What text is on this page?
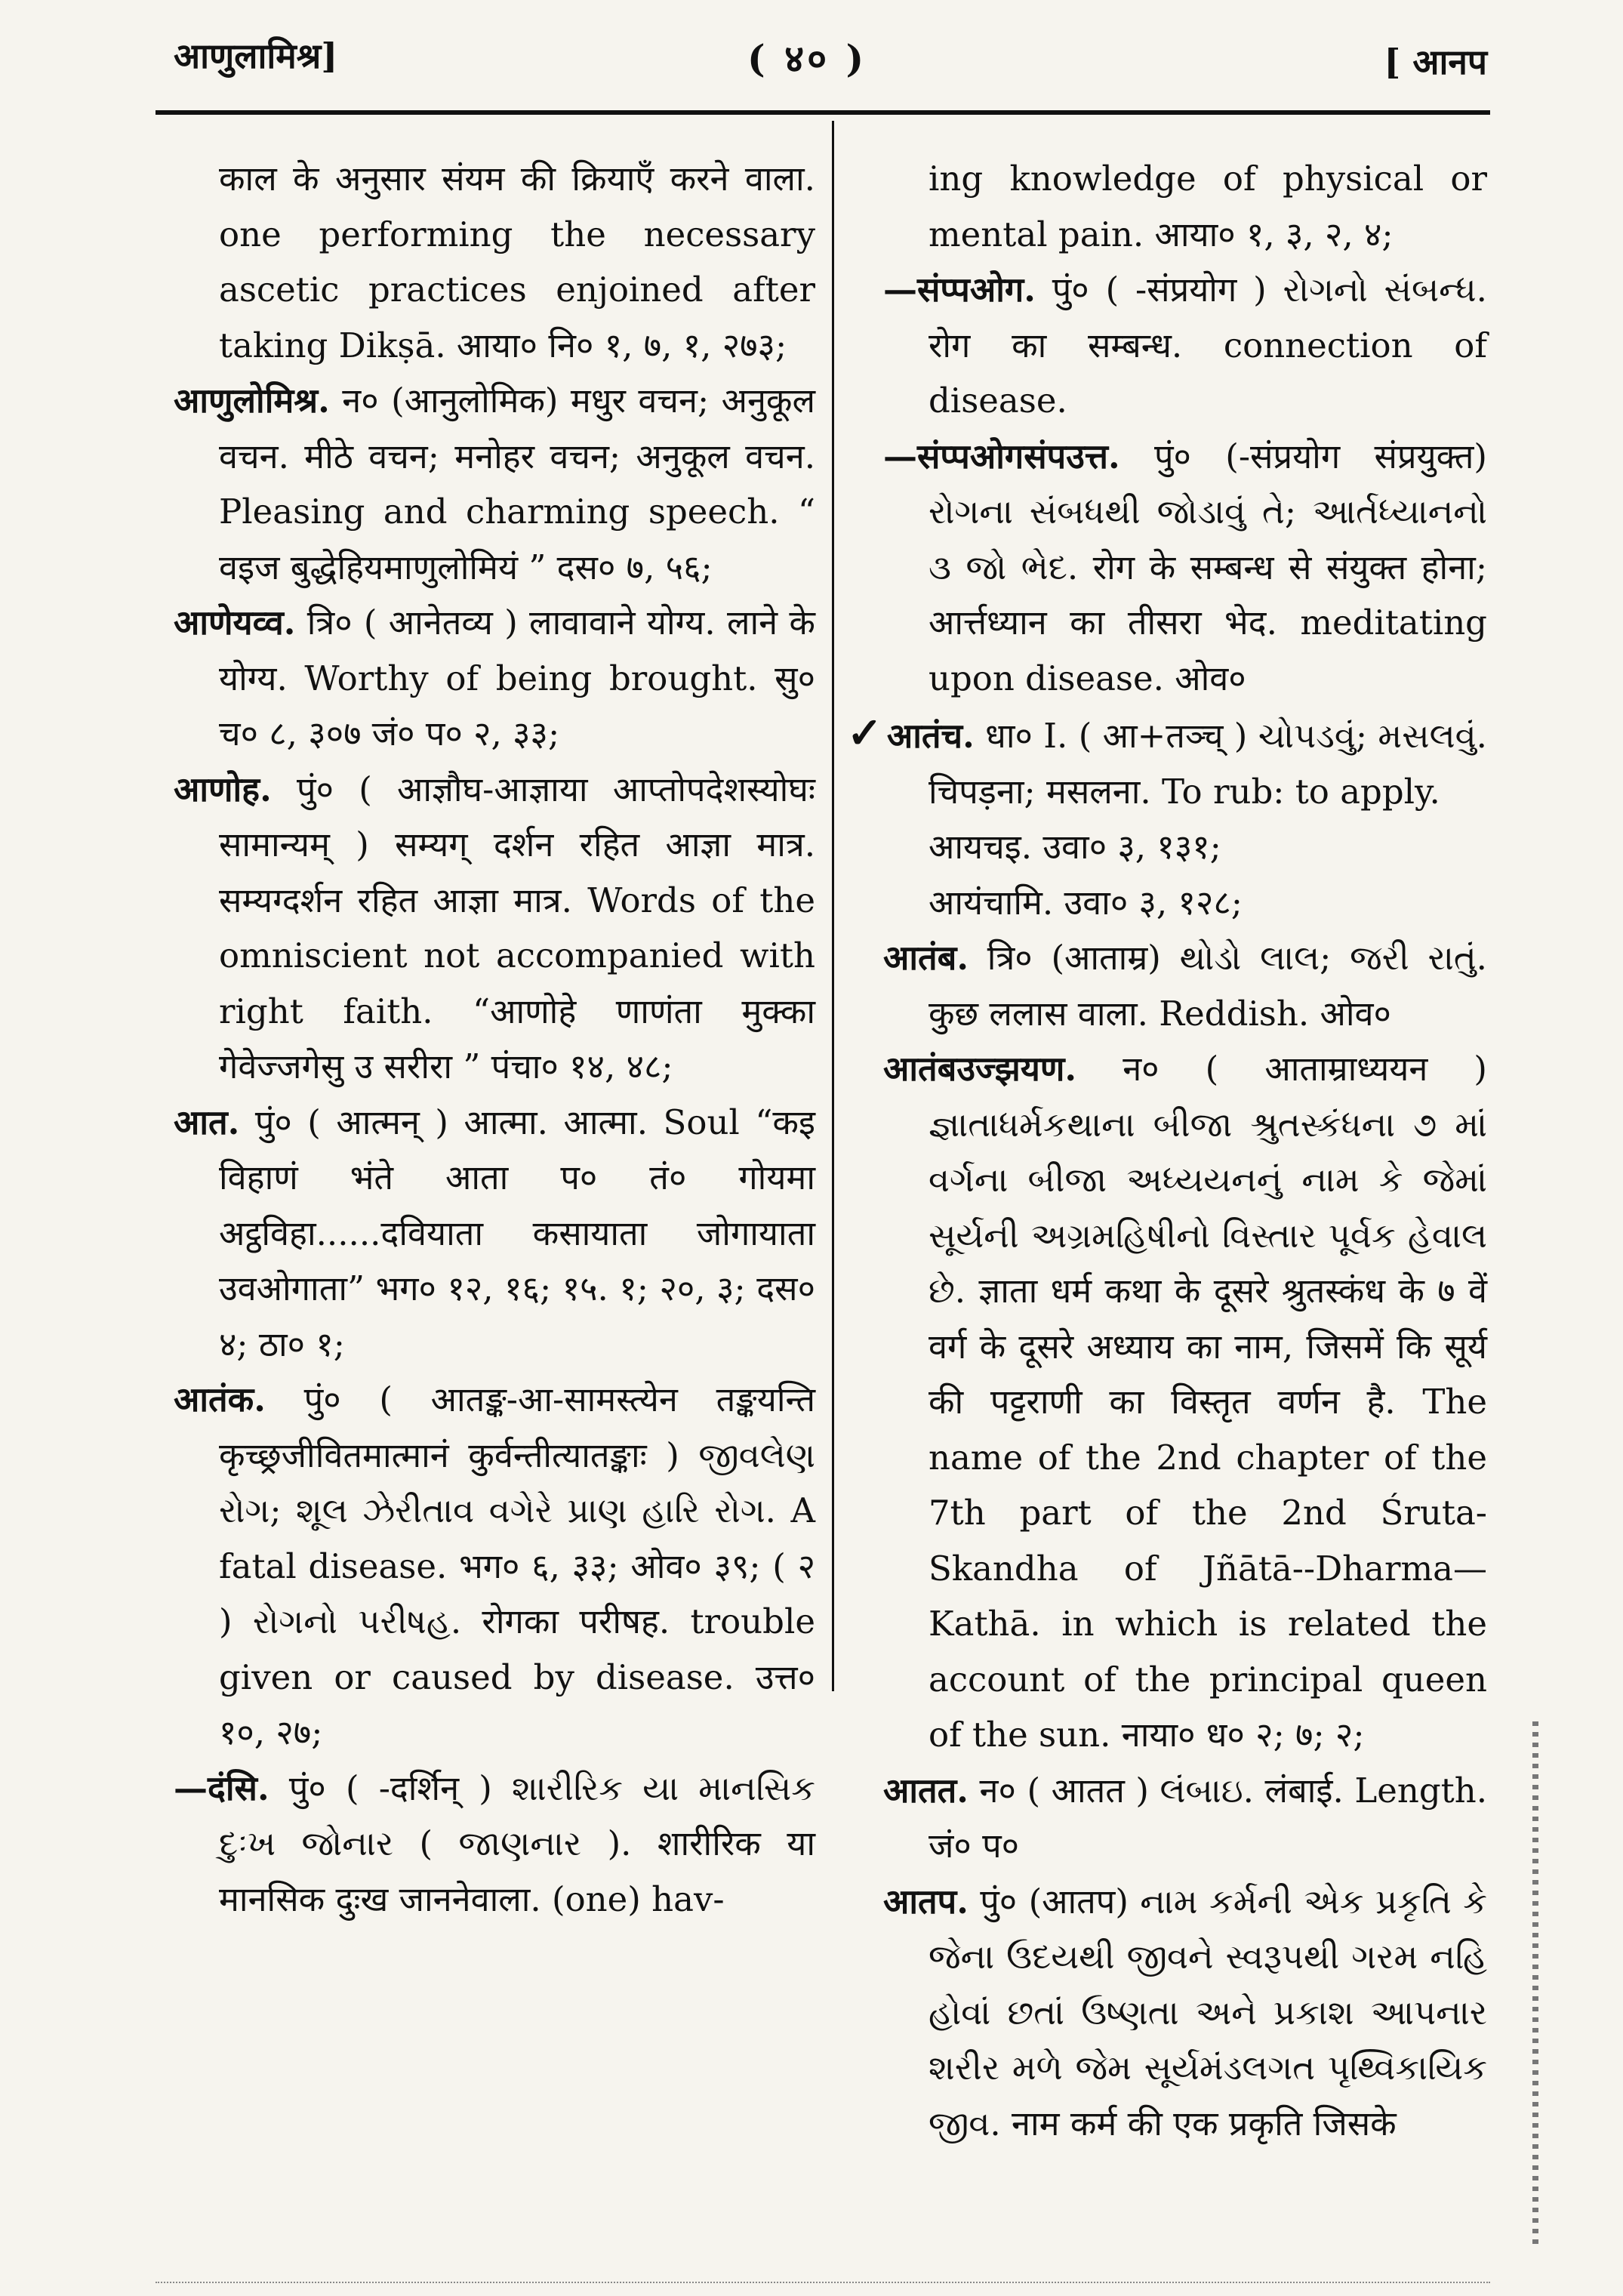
आणुलामिश्र]	( ४० )	[ आनप

काल के अनुसार संयम की क्रियाएँ करने वाला. one performing the necessary ascetic practices enjoined after taking Dikṣā. आया० नि० १, ७, १, २७३;

आणुलोमिश्र. न० (आनुलोमिक) मधुर वचन; अनुकूल वचन. मीठे वचन; मनोहर वचन; अनुकूल वचन. Pleasing and charming speech. “ वइज बुद्धेहियमाणुलोमियं ” दस० ७, ५६;

आणेयव्व. त्रि० ( आनेतव्य ) लावावाने योग्य. लाने के योग्य. Worthy of being brought. सु० च० ८, ३०७ जं० प० २, ३३;

आणोह. पुं० ( आज्ञौघ-आज्ञाया आप्तोपदेशस्योघः सामान्यम् ) सम्यग् दर्शन रहित आज्ञा मात्र. सम्यग्दर्शन रहित आज्ञा मात्र. Words of the omniscient not accompanied with right faith. “आणोहे णाणंता मुक्का गेवेज्जगेसु उ सरीरा ” पंचा० १४, ४८;

आत. पुं० ( आत्मन् ) आत्मा. आत्मा. Soul “कइ विहाणं भंते आता प० तं० गोयमा अट्ठविहा......दवियाता कसायाता जोगायाता उवओगाता” भग० १२, १६; १५. १; २०, ३; दस० ४; ठा० १;

आतंक. पुं० ( आतङ्क-आ-सामस्त्येन तङ्कयन्ति कृच्छ्रजीवितमात्मानं कुर्वन्तीत्यातङ्काः ) જીવલેણ રોગ; શૂલ ઝેરીતાવ વગેરે પ્રાણ હારિ રોગ. A fatal disease. भग० ६, ३३; ओव० ३९; ( २ ) રોગનો પરીષહ. रोगका परीषह. trouble given or caused by disease. उत्त० १०, २७;

—दंसि. पुं० ( -दर्शिन् ) શારીરિક યા માનસિક દુઃખ જોનાર ( જાણનાર ). शारीरिक या मानसिक दुःख जाननेवाला. (one) hav-

ing knowledge of physical or mental pain. आया० १, ३, २, ४;

—संप्पओग. पुं० ( -संप्रयोग ) રોગનો સંબન્ધ. रोग का सम्बन्ध. connection of disease.

—संप्पओगसंपउत्त. पुं० (-संप्रयोग संप्रयुक्त) રોગના સંબધથી જોડાવું તે; આર્તધ્યાનનો ૩ જો ભેદ. रोग के सम्बन्ध से संयुक्त होना; आर्त्तध्यान का तीसरा भेद. meditating upon disease. ओव०

✓ आतंच. धा० I. ( आ+तञ्च् ) ચોપડવું; મસલવું. चिपड़ना; मसलना. To rub: to apply.

आयचइ. उवा० ३, १३१;

आयंचामि. उवा० ३, १२८;

आतंब. त्रि० (आताम्र) થોડો લાલ; જરી રાતું. कुछ ललास वाला. Reddish. ओव०

आतंबउज्झयण. न० ( आताम्राध्ययन ) જ્ઞાતાધર્મકથાના બીજા શ્રુતસ્કંધના ૭ માં વર્ગના બીજા અધ્યયનનું નામ કે જેમાં સૂર્યની અગ્રમહિષીનો વિસ્તાર પૂર્વક હેવાલ છે. ज्ञाता धर्म कथा के दूसरे श्रुतस्कंध के ७ वें वर्ग के दूसरे अध्याय का नाम, जिसमें कि सूर्य की पट्टराणी का विस्तृत वर्णन है. The name of the 2nd chapter of the 7th part of the 2nd Śruta-Skandha of Jñātā--Dharma—Kathā. in which is related the account of the principal queen of the sun. नाया० ध० २; ७; २;

आतत. न० ( आतत ) લંબાઇ. लंबाई. Length. जं० प०

आतप. पुं० (आतप) નામ કર્મની એક પ્રકૃતિ કે જેના ઉદયથી જીવને સ્વરૂપથી ગરમ નહિ હોવાં છતાં ઉષ્ણતા અને પ્રકાશ આપનાર શરીર મળે જેમ સૂર્યમંડલગત પૃથ્વિકાયિક જીવ. नाम कर्म की एक प्रकृति जिसके
